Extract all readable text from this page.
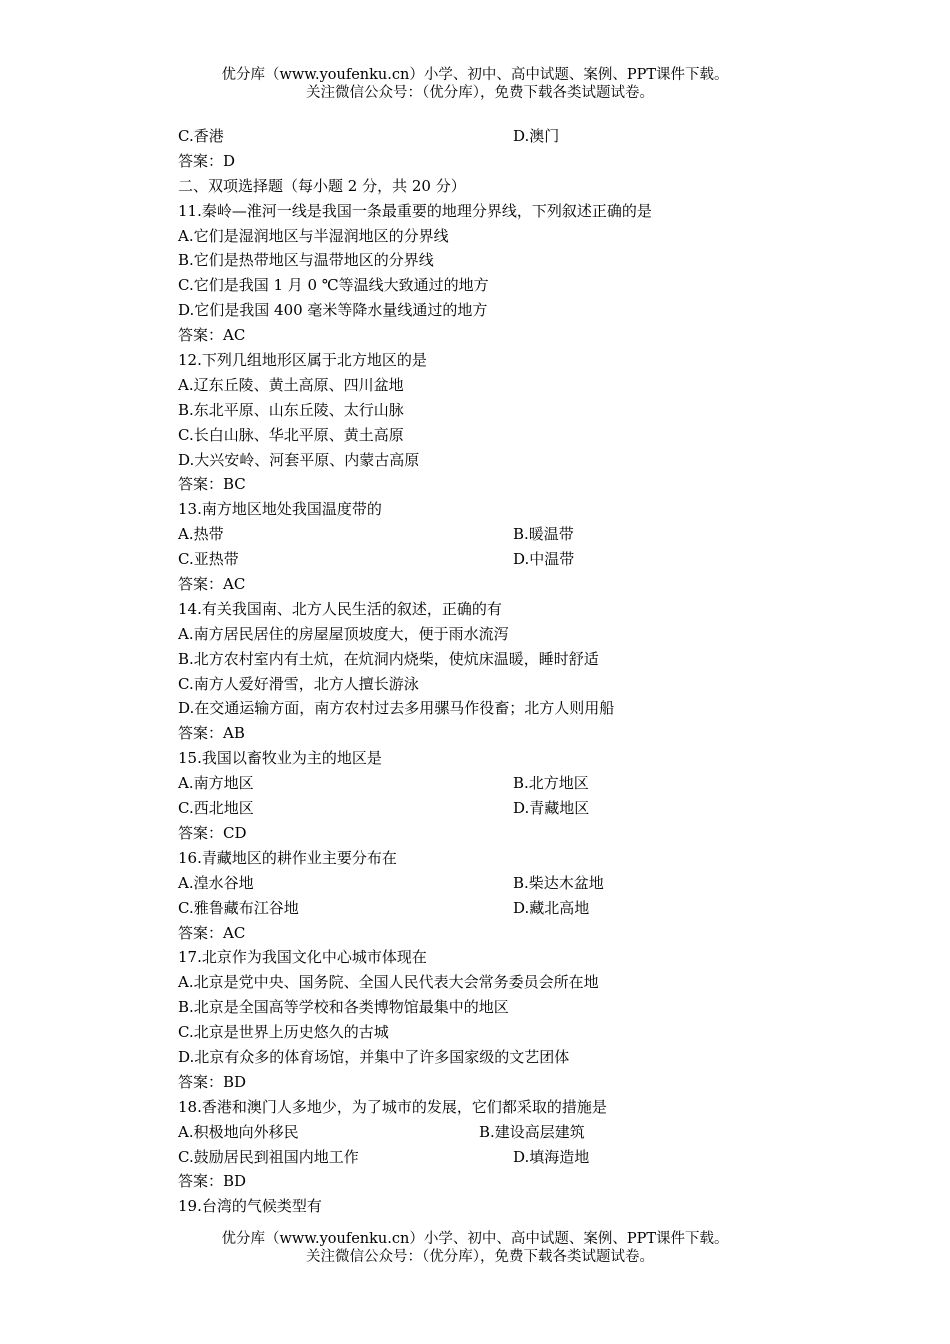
优分库（www.youfenku.cn）小学、初中、高中试题、案例、PPT课件下载。
关注微信公众号：（优分库），免费下载各类试题试卷。
C.香港	D.澳门
答案：D
二、双项选择题（每小题 2 分，共 20 分）
11.秦岭—淮河一线是我国一条最重要的地理分界线，下列叙述正确的是
A.它们是湿润地区与半湿润地区的分界线
B.它们是热带地区与温带地区的分界线
C.它们是我国 1 月 0 ℃等温线大致通过的地方
D.它们是我国 400 毫米等降水量线通过的地方
答案：AC
12.下列几组地形区属于北方地区的是
A.辽东丘陵、黄土高原、四川盆地
B.东北平原、山东丘陵、太行山脉
C.长白山脉、华北平原、黄土高原
D.大兴安岭、河套平原、内蒙古高原
答案：BC
13.南方地区地处我国温度带的
A.热带	B.暖温带
C.亚热带	D.中温带
答案：AC
14.有关我国南、北方人民生活的叙述，正确的有
A.南方居民居住的房屋屋顶坡度大，便于雨水流泻
B.北方农村室内有土炕，在炕洞内烧柴，使炕床温暖，睡时舒适
C.南方人爱好滑雪，北方人擅长游泳
D.在交通运输方面，南方农村过去多用骡马作役畜；北方人则用船
答案：AB
15.我国以畜牧业为主的地区是
A.南方地区	B.北方地区
C.西北地区	D.青藏地区
答案：CD
16.青藏地区的耕作业主要分布在
A.湟水谷地	B.柴达木盆地
C.雅鲁藏布江谷地	D.藏北高地
答案：AC
17.北京作为我国文化中心城市体现在
A.北京是党中央、国务院、全国人民代表大会常务委员会所在地
B.北京是全国高等学校和各类博物馆最集中的地区
C.北京是世界上历史悠久的古城
D.北京有众多的体育场馆，并集中了许多国家级的文艺团体
答案：BD
18.香港和澳门人多地少，为了城市的发展，它们都采取的措施是
A.积极地向外移民	B.建设高层建筑
C.鼓励居民到祖国内地工作	D.填海造地
答案：BD
19.台湾的气候类型有
优分库（www.youfenku.cn）小学、初中、高中试题、案例、PPT课件下载。
关注微信公众号：（优分库），免费下载各类试题试卷。
